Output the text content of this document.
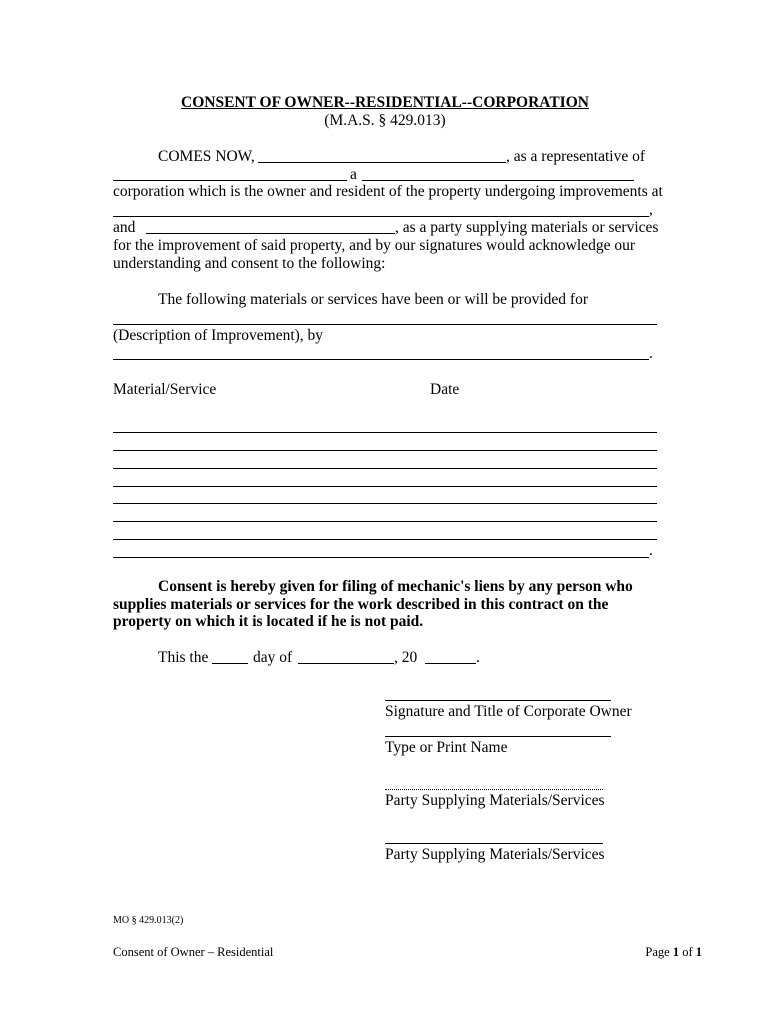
CONSENT OF OWNER--RESIDENTIAL--CORPORATION
(M.A.S. § 429.013)
COMES NOW,	, as a representative of
a
corporation which is the owner and resident of the property undergoing improvements at
,
and	, as a party supplying materials or services
for the improvement of said property, and by our signatures would acknowledge our
understanding and consent to the following:
The following materials or services have been or will be provided for
(Description of Improvement), by
.
Material/Service	Date
.
Consent is hereby given for filing of mechanic's liens by any person who
supplies materials or services for the work described in this contract on the
property on which it is located if he is not paid.
This the	day of	, 20	.
Signature and Title of Corporate Owner
Type or Print Name
Party Supplying Materials/Services
Party Supplying Materials/Services
MO § 429.013(2)
Consent of Owner – Residential	Page 1 of 1
